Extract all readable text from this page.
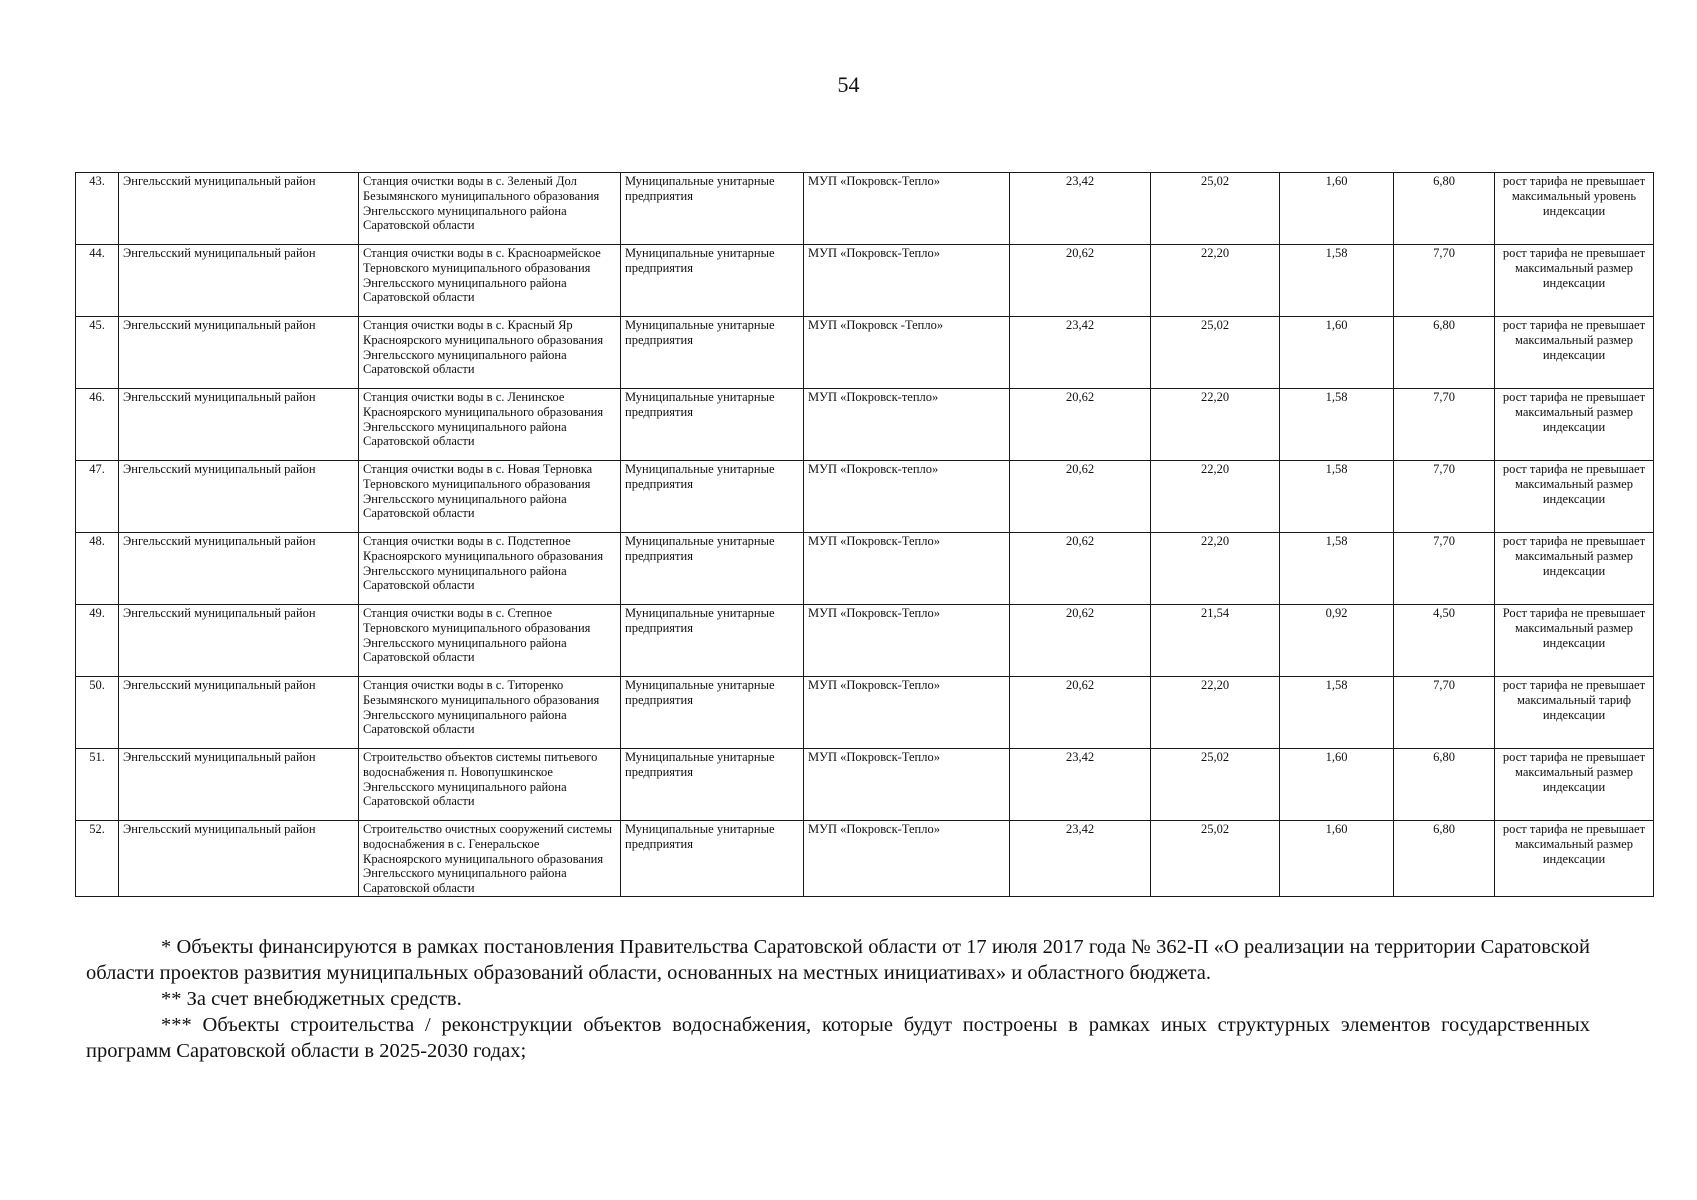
54
43.	Энгельсский муниципальный район	Станция очистки воды в с. Зеленый Дол Безымянского муниципального образования Энгельсского муниципального района Саратовской области	Муниципальные унитарные предприятия	МУП «Покровск-Тепло»	23,42	25,02	1,60	6,80	рост тарифа не превышает максимальный уровень индексации
44.	Энгельсский муниципальный район	Станция очистки воды в с. Красноармейское Терновского муниципального образования Энгельсского муниципального района Саратовской области	Муниципальные унитарные предприятия	МУП «Покровск-Тепло»	20,62	22,20	1,58	7,70	рост тарифа не превышает максимальный размер индексации
45.	Энгельсский муниципальный район	Станция очистки воды в с. Красный Яр Красноярского муниципального образования Энгельсского муниципального района Саратовской области	Муниципальные унитарные предприятия	МУП «Покровск -Тепло»	23,42	25,02	1,60	6,80	рост тарифа не превышает максимальный размер индексации
46.	Энгельсский муниципальный район	Станция очистки воды в с. Ленинское Красноярского муниципального образования Энгельсского муниципального района Саратовской области	Муниципальные унитарные предприятия	МУП «Покровск-тепло»	20,62	22,20	1,58	7,70	рост тарифа не превышает максимальный размер индексации
47.	Энгельсский муниципальный район	Станция очистки воды в с. Новая Терновка Терновского муниципального образования Энгельсского муниципального района Саратовской области	Муниципальные унитарные предприятия	МУП «Покровск-тепло»	20,62	22,20	1,58	7,70	рост тарифа не превышает максимальный размер индексации
48.	Энгельсский муниципальный район	Станция очистки воды в с. Подстепное Красноярского муниципального образования Энгельсского муниципального района Саратовской области	Муниципальные унитарные предприятия	МУП «Покровск-Тепло»	20,62	22,20	1,58	7,70	рост тарифа не превышает максимальный размер индексации
49.	Энгельсский муниципальный район	Станция очистки воды в с. Степное Терновского муниципального образования Энгельсского муниципального района Саратовской области	Муниципальные унитарные предприятия	МУП «Покровск-Тепло»	20,62	21,54	0,92	4,50	Рост тарифа не превышает максимальный размер индексации
50.	Энгельсский муниципальный район	Станция очистки воды в с. Титоренко Безымянского муниципального образования Энгельсского муниципального района Саратовской области	Муниципальные унитарные предприятия	МУП «Покровск-Тепло»	20,62	22,20	1,58	7,70	рост тарифа не превышает максимальный тариф индексации
51.	Энгельсский муниципальный район	Строительство объектов системы питьевого водоснабжения п. Новопушкинское Энгельсского муниципального района Саратовской области	Муниципальные унитарные предприятия	МУП «Покровск-Тепло»	23,42	25,02	1,60	6,80	рост тарифа не превышает максимальный размер индексации
52.	Энгельсский муниципальный район	Строительство очистных сооружений системы водоснабжения в с. Генеральское Красноярского муниципального образования Энгельсского муниципального района Саратовской области	Муниципальные унитарные предприятия	МУП «Покровск-Тепло»	23,42	25,02	1,60	6,80	рост тарифа не превышает максимальный размер индексации

* Объекты финансируются в рамках постановления Правительства Саратовской области от 17 июля 2017 года № 362-П «О реализации на территории Саратовской области проектов развития муниципальных образований области, основанных на местных инициативах» и областного бюджета.

** За счет внебюджетных средств.

*** Объекты строительства / реконструкции объектов водоснабжения, которые будут построены в рамках иных структурных элементов государственных программ Саратовской области в 2025-2030 годах;
